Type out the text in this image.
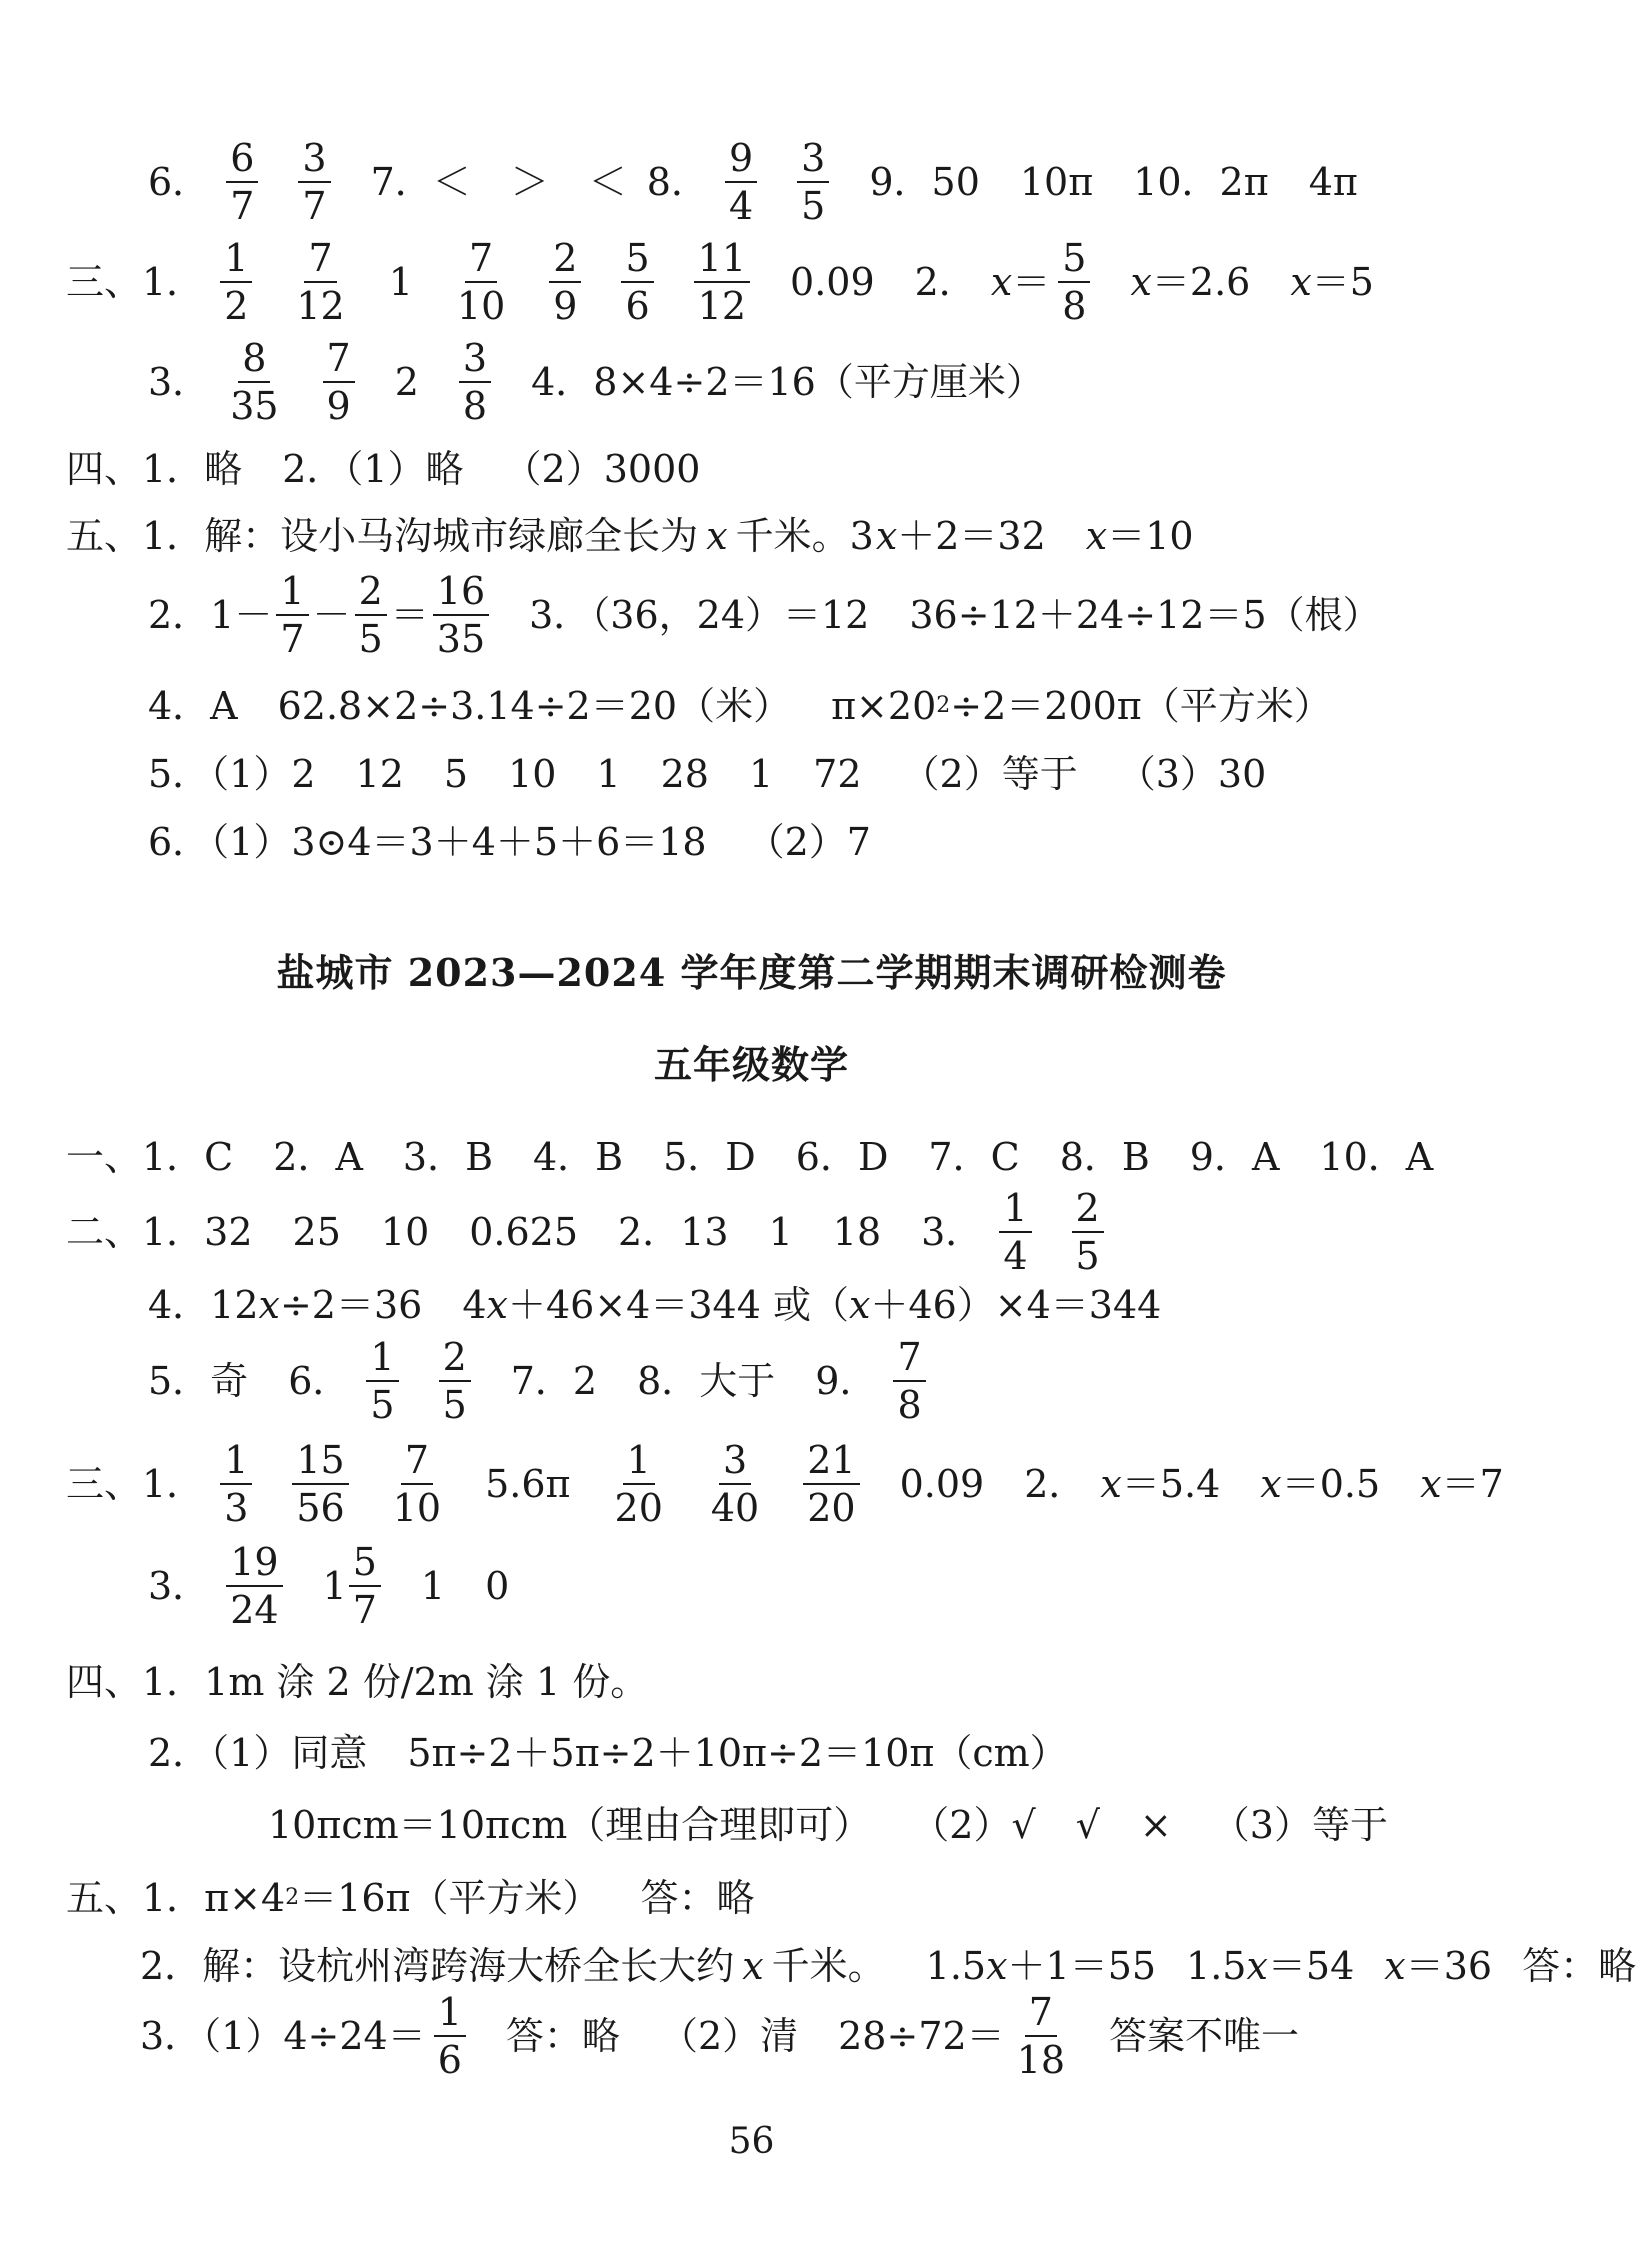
6． $\frac{6}{7} \frac{3}{7} 7$．＜ ＞ ＜ 8． $\frac{9}{4} \frac{3}{5} 9$．50 10π 10．2π 4π
三、1． $\frac{1}{2} \frac{7}{12} 1 \frac{7}{10} \frac{2}{9} \frac{5}{6} \frac{11}{12} 0.09$ 2． $x = \frac{5}{8}$ x ＝2.6 x ＝5
3． $\frac{8}{35} \frac{7}{9} 2 \frac{3}{8} 4$．8×4÷2＝16（平方厘米）
四、1．略 2．（1）略 （2）3000
五、1．解：设小马沟城市绿廊全长为 x 千米。3 x ＋2＝32 x ＝10
2．$1- \frac{1}{7} - \frac{2}{5} = \frac{16}{35} 3$．（36，24）＝12 36÷12＋24÷12＝5（根）
4．A 62.8×2÷3.14÷2＝20（米） π×20 2 ÷2＝200π（平方米）
5．（1）2 12 5 10 1 28 1 72 （2）等于 （3）30
6．（1）3⊙4＝3＋4＋5＋6＝18 （2）7
盐城市 2023—2024 学年度第二学期期末调研检测卷
五年级数学
一、1．C 2．A 3．B 4．B 5．D 6．D 7．C 8．B 9．A 10．A
二、1．32 25 10 0.625 2．13 1 18 3． $\frac{1}{4} \frac{2}{5}$
4．12 x ÷2＝36 4 x ＋46×4＝344 或（ x ＋46）×4＝344
5．奇 6． $\frac{1}{5} \frac{2}{5} 7$．2 8．大于 9． $\frac{7}{8}$
三、1． $\frac{1}{3} \frac{15}{56} \frac{7}{10} 5.6\pi \frac{1}{20} \frac{3}{40} \frac{21}{20} 0.09$ 2． x ＝5.4 x ＝0.5 x ＝7
3． $\frac{19}{24} 1 \frac{5}{7} 1$ 0
四、1．1m 涂 2 份/2m 涂 1 份。
2．（1）同意 5π÷2＋5π÷2＋10π÷2＝10π（cm）
10πcm＝10πcm（理由合理即可） （2）√ √ × （3）等于
五、1．π×4 2 ＝16π（平方米） 答：略
2．解：设杭州湾跨海大桥全长大约 x 千米。 1.5 x ＋1＝55 1.5 x ＝54 x ＝36 答：略
3．$(1)4\div 24= \frac{1}{6}$ 答：略 （2）清 $28\div 72= \frac{7}{18}$ 答案不唯一
56
